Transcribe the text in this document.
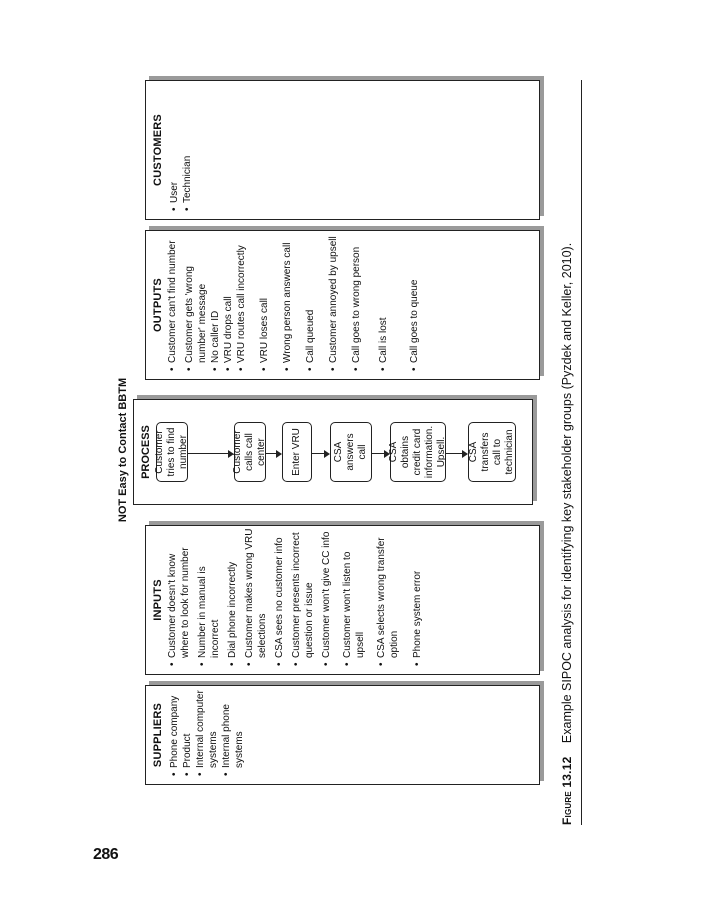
286
NOT Easy to Contact BBTM
SUPPLIERS • Phone company • Product • Internal computer systems • Internal phone systems
INPUTS • Customer doesn't know where to look for number • Number in manual is incorrect • Dial phone incorrectly • Customer makes wrong VRU selections • CSA sees no customer info • Customer presents incorrect question or issue • Customer won't give CC info • Customer won't listen to upsell • CSA selects wrong transfer option • Phone system error
PROCESS Customer tries to find number	Customer calls call center	Enter VRU	CSA answers call	CSA obtains credit card information. Upsell. CSA transfers call to technician
OUTPUTS • Customer can't find number • Customer gets 'wrong number' message • No caller ID • VRU drops call • VRU routes call incorrectly • VRU loses call • Wrong person answers call • Call queued • Customer annoyed by upsell • Call goes to wrong person • Call is lost • Call goes to queue
CUSTOMERS
• User • Technician
Figure 13.12 Example SIPOC analysis for identifying key stakeholder groups (Pyzdek and Keller, 2010).
